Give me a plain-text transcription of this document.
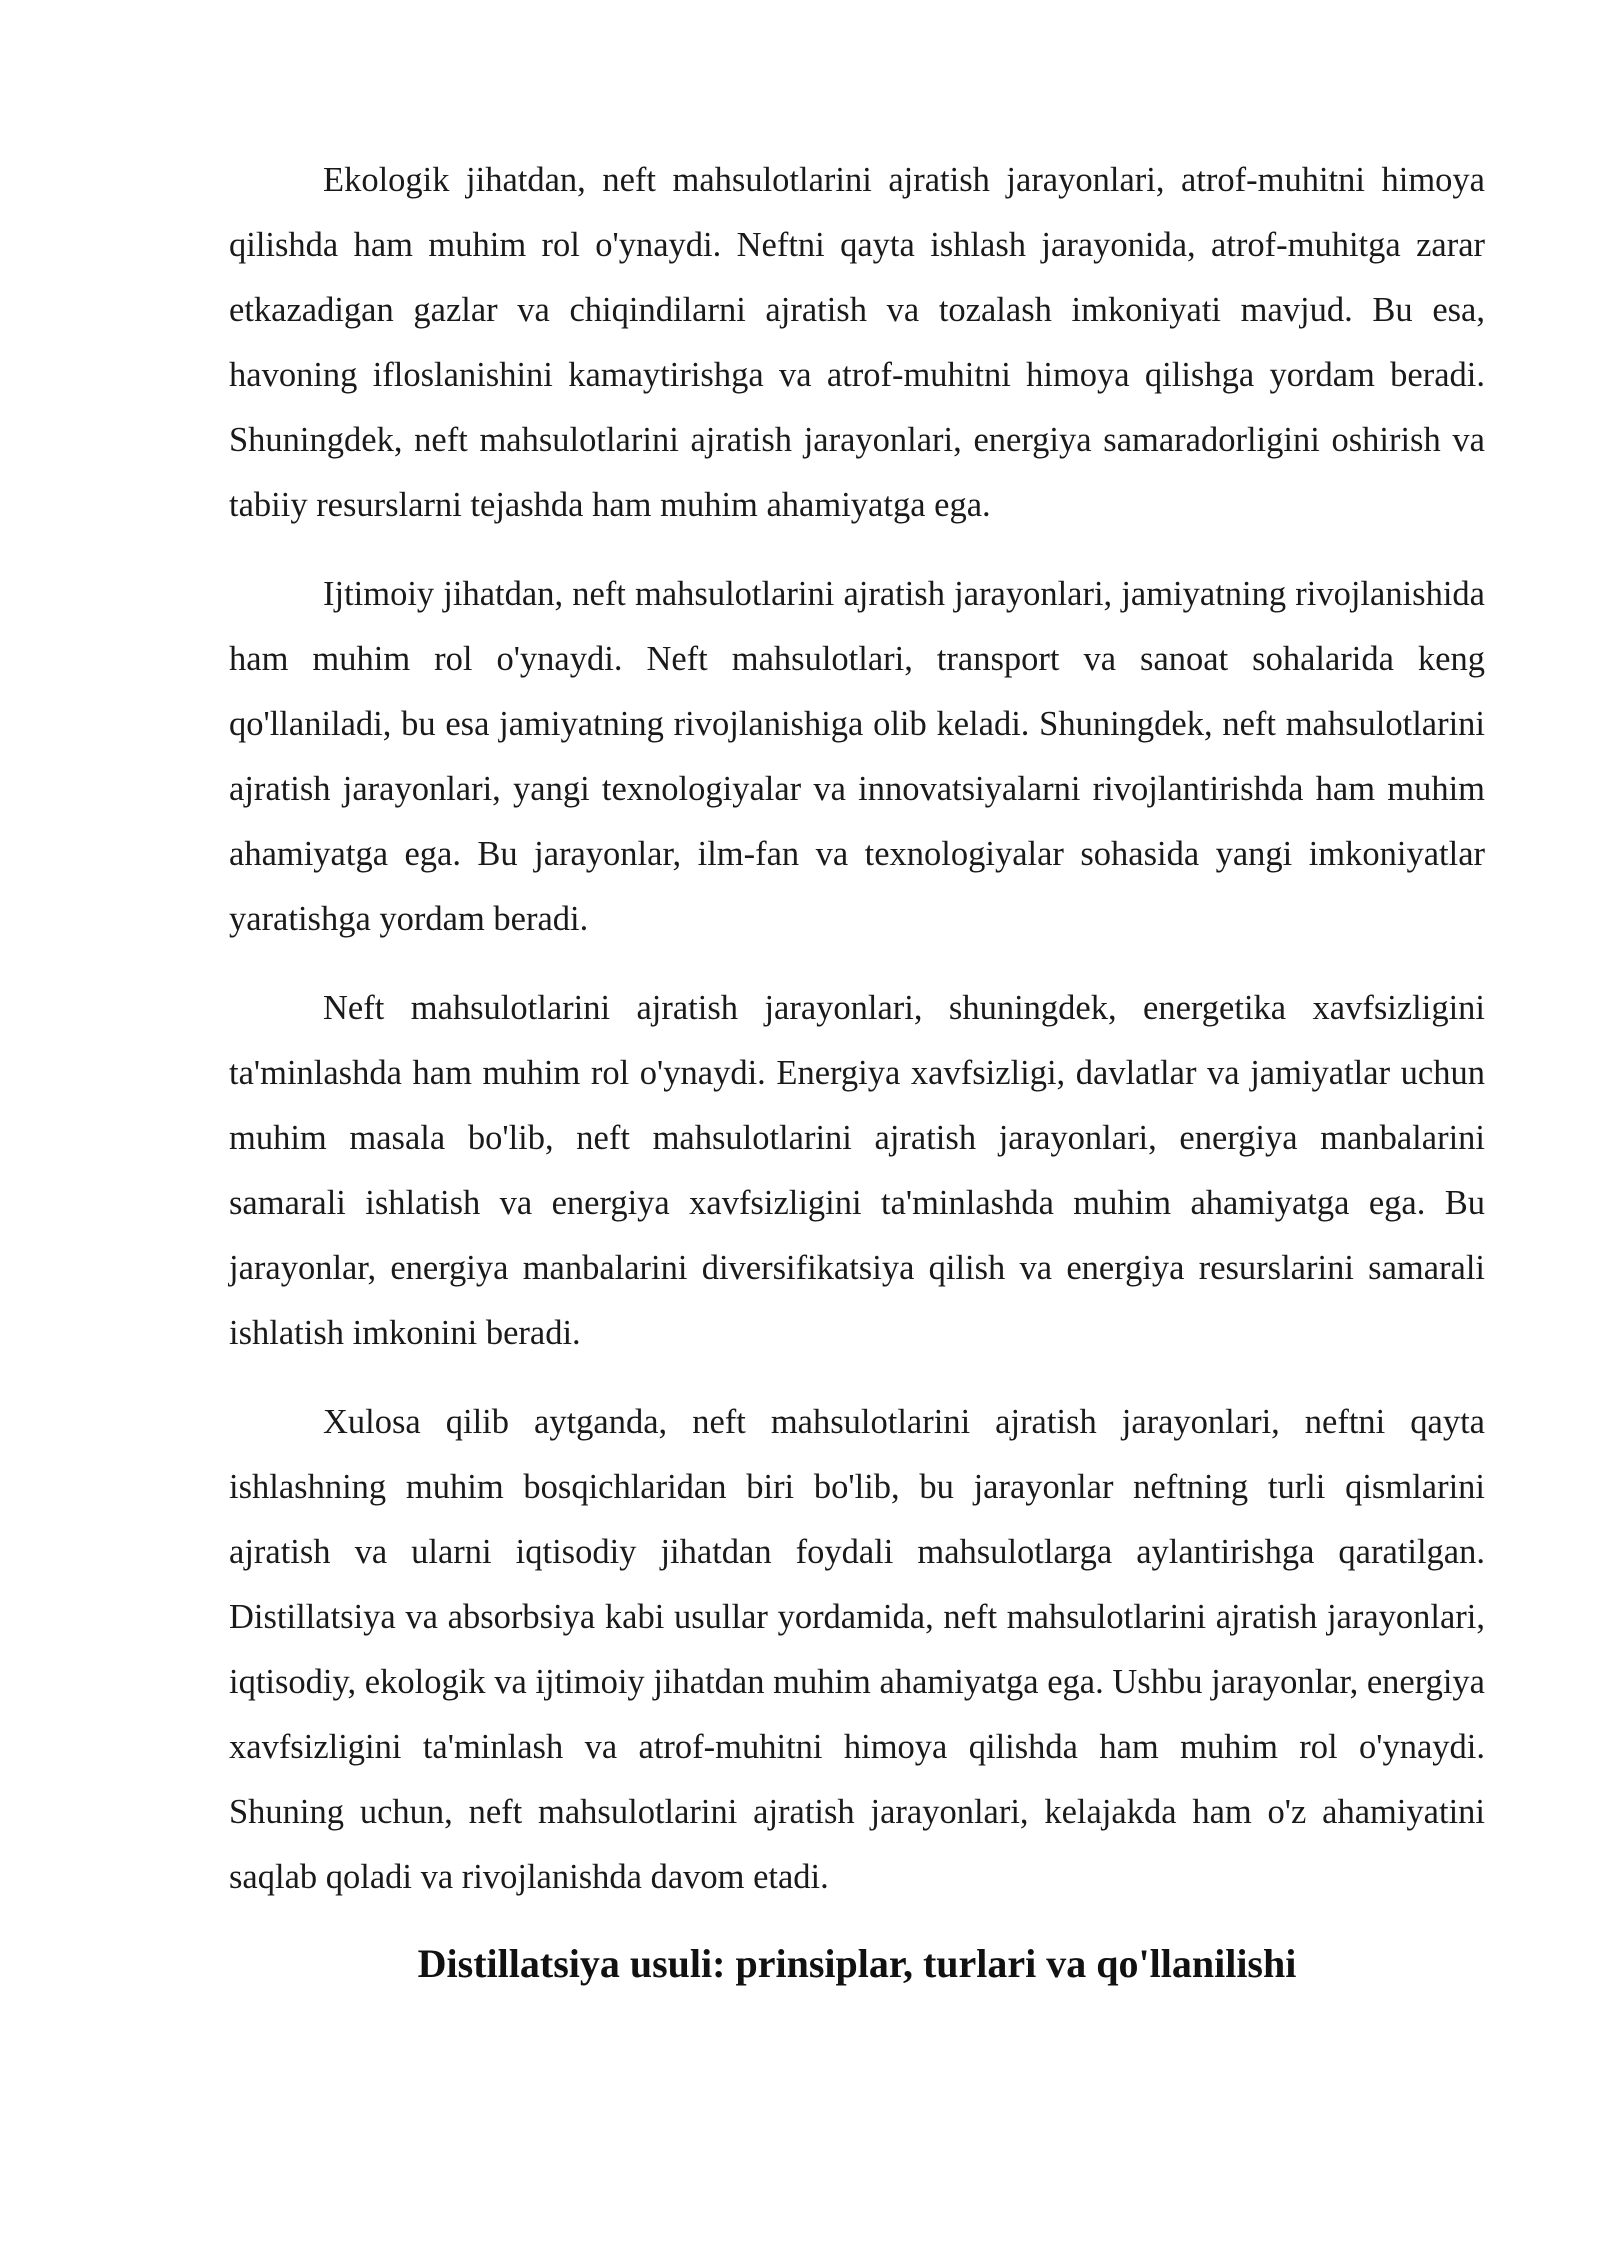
Ekologik jihatdan, neft mahsulotlarini ajratish jarayonlari, atrof-muhitni himoya qilishda ham muhim rol o'ynaydi. Neftni qayta ishlash jarayonida, atrof-muhitga zarar etkazadigan gazlar va chiqindilarni ajratish va tozalash imkoniyati mavjud. Bu esa, havoning ifloslanishini kamaytirishga va atrof-muhitni himoya qilishga yordam beradi. Shuningdek, neft mahsulotlarini ajratish jarayonlari, energiya samaradorligini oshirish va tabiiy resurslarni tejashda ham muhim ahamiyatga ega.

Ijtimoiy jihatdan, neft mahsulotlarini ajratish jarayonlari, jamiyatning rivojlanishida ham muhim rol o'ynaydi. Neft mahsulotlari, transport va sanoat sohalarida keng qo'llaniladi, bu esa jamiyatning rivojlanishiga olib keladi. Shuningdek, neft mahsulotlarini ajratish jarayonlari, yangi texnologiyalar va innovatsiyalarni rivojlantirishda ham muhim ahamiyatga ega. Bu jarayonlar, ilm-fan va texnologiyalar sohasida yangi imkoniyatlar yaratishga yordam beradi.

Neft mahsulotlarini ajratish jarayonlari, shuningdek, energetika xavfsizligini ta'minlashda ham muhim rol o'ynaydi. Energiya xavfsizligi, davlatlar va jamiyatlar uchun muhim masala bo'lib, neft mahsulotlarini ajratish jarayonlari, energiya manbalarini samarali ishlatish va energiya xavfsizligini ta'minlashda muhim ahamiyatga ega. Bu jarayonlar, energiya manbalarini diversifikatsiya qilish va energiya resurslarini samarali ishlatish imkonini beradi.

Xulosa qilib aytganda, neft mahsulotlarini ajratish jarayonlari, neftni qayta ishlashning muhim bosqichlaridan biri bo'lib, bu jarayonlar neftning turli qismlarini ajratish va ularni iqtisodiy jihatdan foydali mahsulotlarga aylantirishga qaratilgan. Distillatsiya va absorbsiya kabi usullar yordamida, neft mahsulotlarini ajratish jarayonlari, iqtisodiy, ekologik va ijtimoiy jihatdan muhim ahamiyatga ega. Ushbu jarayonlar, energiya xavfsizligini ta'minlash va atrof-muhitni himoya qilishda ham muhim rol o'ynaydi. Shuning uchun, neft mahsulotlarini ajratish jarayonlari, kelajakda ham o'z ahamiyatini saqlab qoladi va rivojlanishda davom etadi.

Distillatsiya usuli: prinsiplar, turlari va qo'llanilishi
